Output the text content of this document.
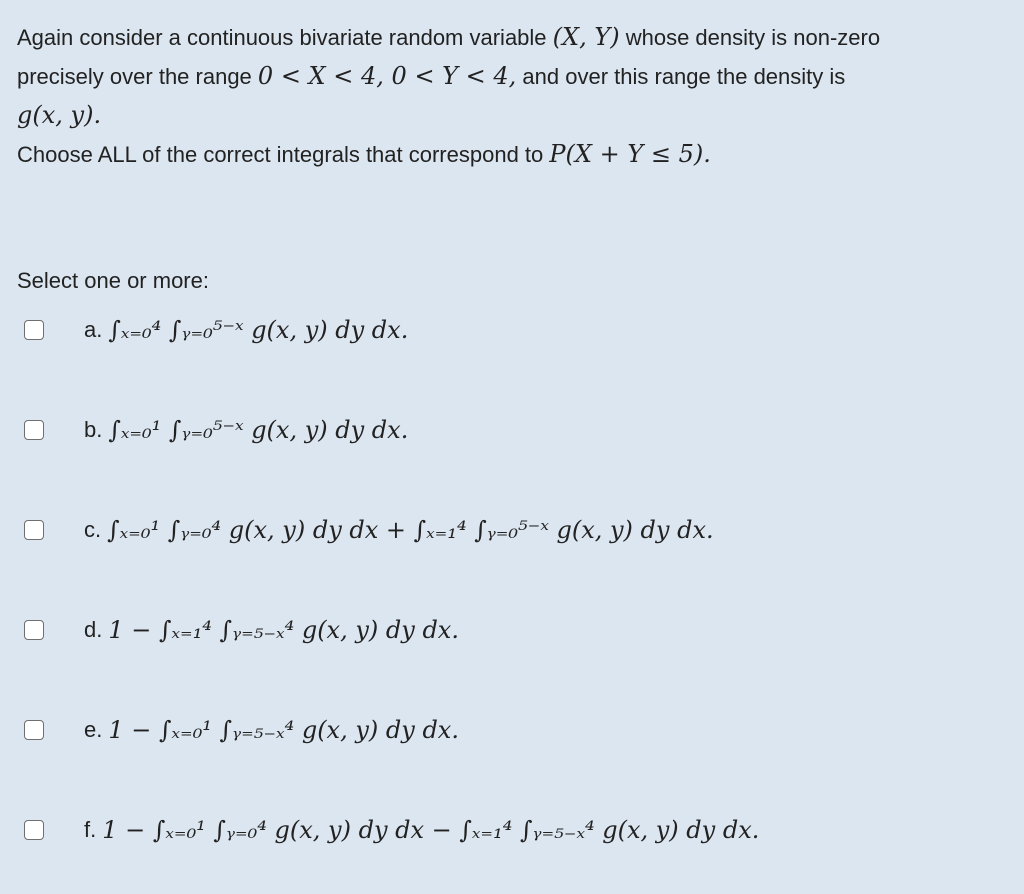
Again consider a continuous bivariate random variable (X, Y) whose density is non-zero

precisely over the range 0 < X < 4, 0 < Y < 4, and over this range the density is

g(x, y).

Choose ALL of the correct integrals that correspond to P(X + Y ≤ 5).

Select one or more:
a. ∫ₓ₌₀⁴ ∫ᵧ₌₀⁵⁻ˣ g(x, y) dy dx.
b. ∫ₓ₌₀¹ ∫ᵧ₌₀⁵⁻ˣ g(x, y) dy dx.
c. ∫ₓ₌₀¹ ∫ᵧ₌₀⁴ g(x, y) dy dx + ∫ₓ₌₁⁴ ∫ᵧ₌₀⁵⁻ˣ g(x, y) dy dx.
d. 1 − ∫ₓ₌₁⁴ ∫ᵧ₌₅₋ₓ⁴ g(x, y) dy dx.
e. 1 − ∫ₓ₌₀¹ ∫ᵧ₌₅₋ₓ⁴ g(x, y) dy dx.
f. 1 − ∫ₓ₌₀¹ ∫ᵧ₌₀⁴ g(x, y) dy dx − ∫ₓ₌₁⁴ ∫ᵧ₌₅₋ₓ⁴ g(x, y) dy dx.
